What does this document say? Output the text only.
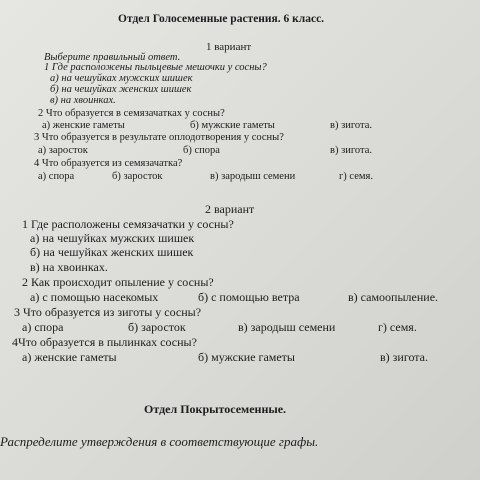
Отдел Голосеменные растения. 6 класс.
1 вариант
Выберите правильный ответ.
1 Где расположены пыльцевые мешочки у сосны?
а) на чешуйках мужских шишек
б) на чешуйках женских шишек
в) на хвоинках.
2 Что образуется в семязачатках у сосны?
а) женские гаметы	б) мужские гаметы	в) зигота.
3 Что образуется в результате оплодотворения у сосны?
а) заросток	б) спора	в) зигота.
4 Что образуется из семязачатка?
а) спора	б) заросток	в) зародыш семени	г) семя.
2 вариант
1 Где расположены семязачатки у сосны?
а) на чешуйках мужских шишек
б) на чешуйках женских шишек
в) на хвоинках.
2 Как происходит опыление у сосны?
а) с помощью насекомых	б) с помощью ветра	в) самоопыление.
3 Что образуется из зиготы у сосны?
а) спора	б) заросток	в) зародыш семени	г) семя.
4Что образуется в пылинках сосны?
а) женские гаметы	б) мужские гаметы	в) зигота.
Отдел Покрытосеменные.
Распределите утверждения в соответствующие графы.
